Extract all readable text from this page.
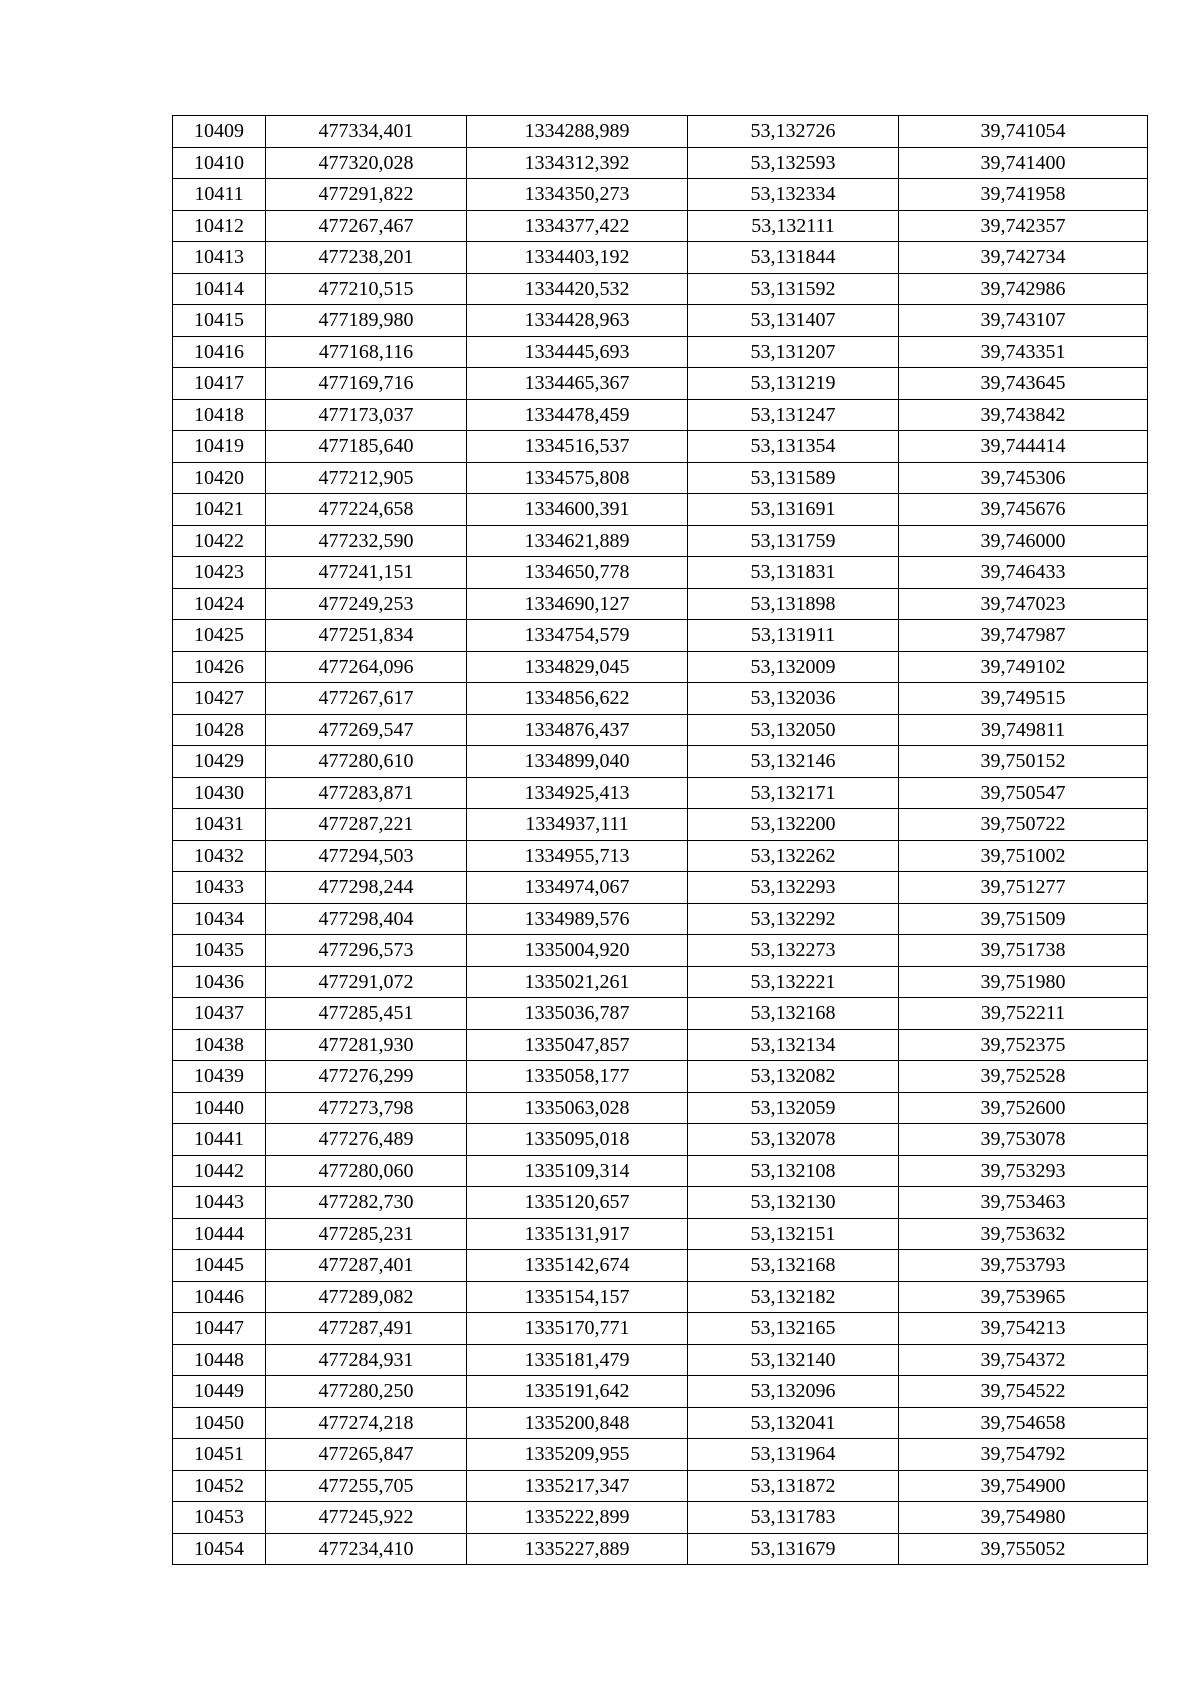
10409	477334,401	1334288,989	53,132726	39,741054
10410	477320,028	1334312,392	53,132593	39,741400
10411	477291,822	1334350,273	53,132334	39,741958
10412	477267,467	1334377,422	53,132111	39,742357
10413	477238,201	1334403,192	53,131844	39,742734
10414	477210,515	1334420,532	53,131592	39,742986
10415	477189,980	1334428,963	53,131407	39,743107
10416	477168,116	1334445,693	53,131207	39,743351
10417	477169,716	1334465,367	53,131219	39,743645
10418	477173,037	1334478,459	53,131247	39,743842
10419	477185,640	1334516,537	53,131354	39,744414
10420	477212,905	1334575,808	53,131589	39,745306
10421	477224,658	1334600,391	53,131691	39,745676
10422	477232,590	1334621,889	53,131759	39,746000
10423	477241,151	1334650,778	53,131831	39,746433
10424	477249,253	1334690,127	53,131898	39,747023
10425	477251,834	1334754,579	53,131911	39,747987
10426	477264,096	1334829,045	53,132009	39,749102
10427	477267,617	1334856,622	53,132036	39,749515
10428	477269,547	1334876,437	53,132050	39,749811
10429	477280,610	1334899,040	53,132146	39,750152
10430	477283,871	1334925,413	53,132171	39,750547
10431	477287,221	1334937,111	53,132200	39,750722
10432	477294,503	1334955,713	53,132262	39,751002
10433	477298,244	1334974,067	53,132293	39,751277
10434	477298,404	1334989,576	53,132292	39,751509
10435	477296,573	1335004,920	53,132273	39,751738
10436	477291,072	1335021,261	53,132221	39,751980
10437	477285,451	1335036,787	53,132168	39,752211
10438	477281,930	1335047,857	53,132134	39,752375
10439	477276,299	1335058,177	53,132082	39,752528
10440	477273,798	1335063,028	53,132059	39,752600
10441	477276,489	1335095,018	53,132078	39,753078
10442	477280,060	1335109,314	53,132108	39,753293
10443	477282,730	1335120,657	53,132130	39,753463
10444	477285,231	1335131,917	53,132151	39,753632
10445	477287,401	1335142,674	53,132168	39,753793
10446	477289,082	1335154,157	53,132182	39,753965
10447	477287,491	1335170,771	53,132165	39,754213
10448	477284,931	1335181,479	53,132140	39,754372
10449	477280,250	1335191,642	53,132096	39,754522
10450	477274,218	1335200,848	53,132041	39,754658
10451	477265,847	1335209,955	53,131964	39,754792
10452	477255,705	1335217,347	53,131872	39,754900
10453	477245,922	1335222,899	53,131783	39,754980
10454	477234,410	1335227,889	53,131679	39,755052
